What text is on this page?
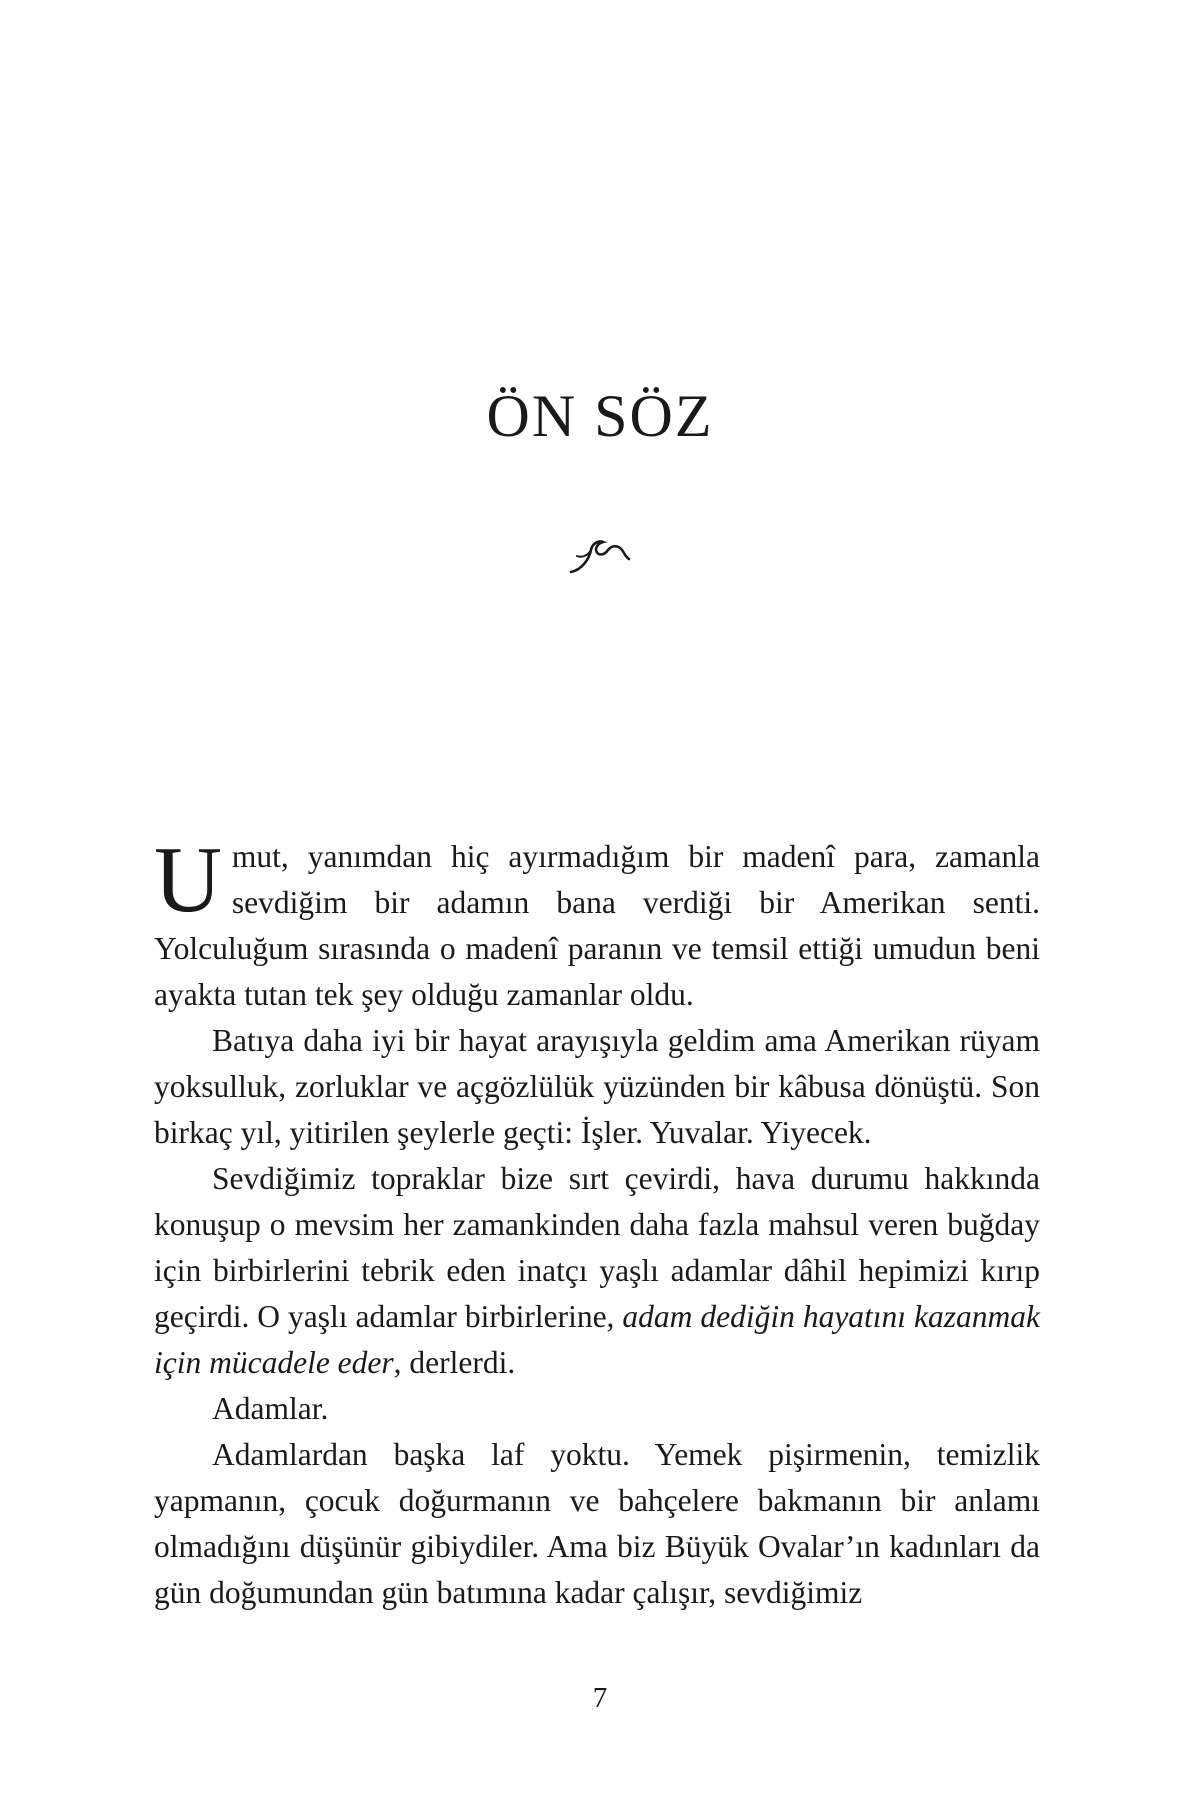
ÖN SÖZ

Umut, yanımdan hiç ayırmadığım bir madenî para, zamanla sevdiğim bir adamın bana verdiği bir Amerikan senti. Yolculuğum sırasında o madenî paranın ve temsil ettiği umudun beni ayakta tutan tek şey olduğu zamanlar oldu.

Batıya daha iyi bir hayat arayışıyla geldim ama Amerikan rüyam yoksulluk, zorluklar ve açgözlülük yüzünden bir kâbusa dönüştü. Son birkaç yıl, yitirilen şeylerle geçti: İşler. Yuvalar. Yiyecek.

Sevdiğimiz topraklar bize sırt çevirdi, hava durumu hakkında konuşup o mevsim her zamankinden daha fazla mahsul veren buğday için birbirlerini tebrik eden inatçı yaşlı adamlar dâhil hepimizi kırıp geçirdi. O yaşlı adamlar birbirlerine, adam dediğin hayatını kazanmak için mücadele eder, derlerdi.

Adamlar.

Adamlardan başka laf yoktu. Yemek pişirmenin, temizlik yapmanın, çocuk doğurmanın ve bahçelere bakmanın bir anlamı olmadığını düşünür gibiydiler. Ama biz Büyük Ovalar’ın kadınları da gün doğumundan gün batımına kadar çalışır, sevdiğimiz

7
